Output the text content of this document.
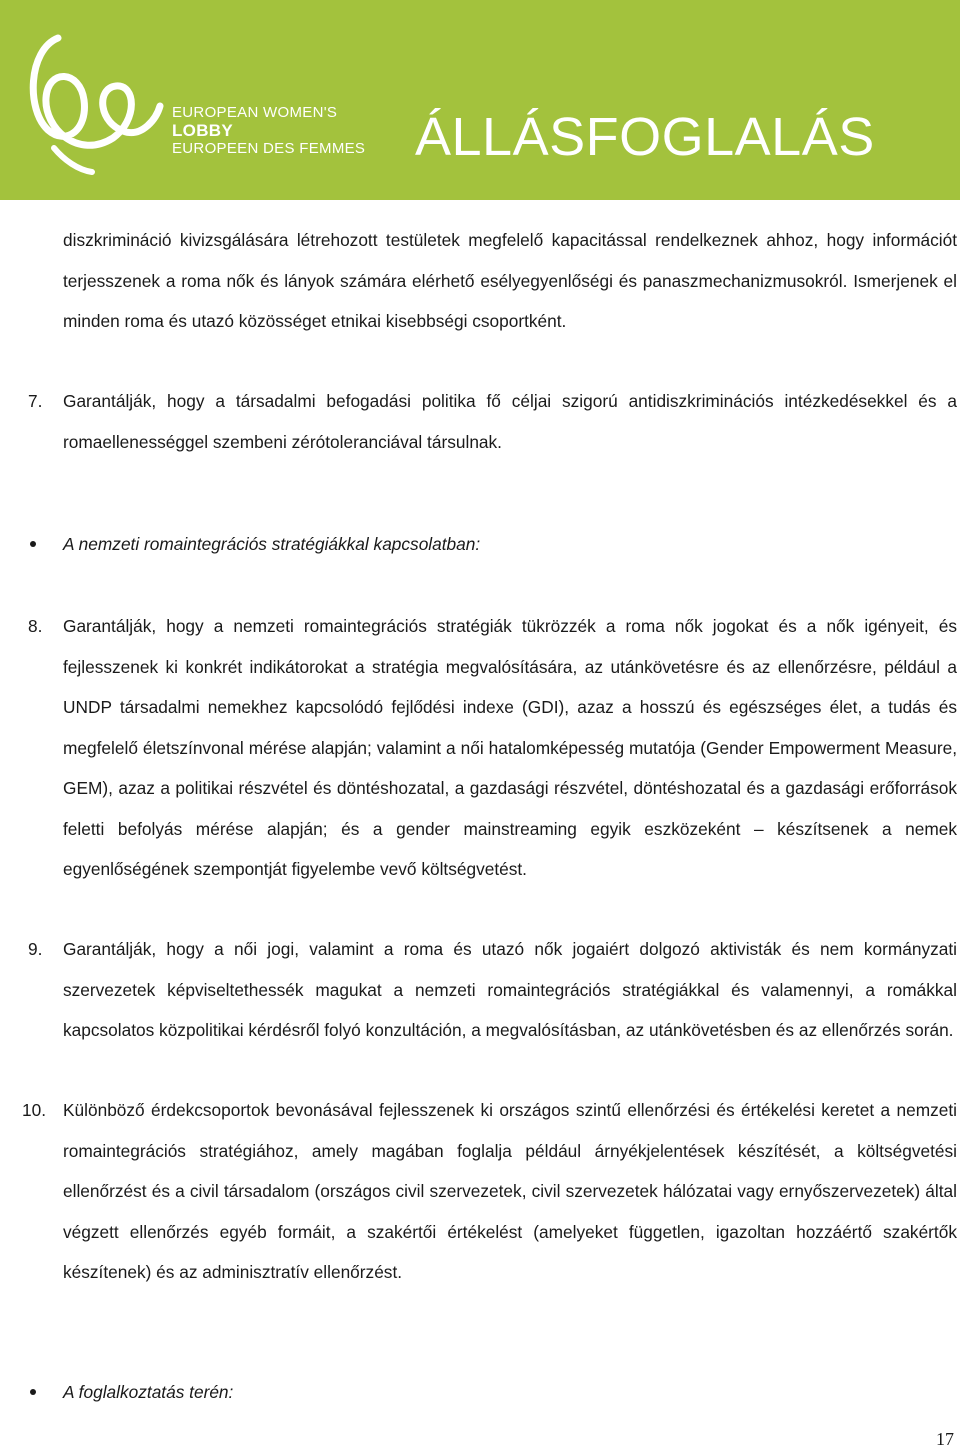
EUROPEAN WOMEN'S
LOBBY
EUROPEEN DES FEMMES ÁLLÁSFOGLALÁS

diszkrimináció kivizsgálására létrehozott testületek megfelelő kapacitással rendelkeznek ahhoz, hogy információt terjesszenek a roma nők és lányok számára elérhető esélyegyenlőségi és panaszmechanizmusokról. Ismerjenek el minden roma és utazó közösséget etnikai kisebbségi csoportként.

7. Garantálják, hogy a társadalmi befogadási politika fő céljai szigorú antidiszkriminációs intézkedésekkel és a romaellenességgel szembeni zérótoleranciával társulnak.

A nemzeti romaintegrációs stratégiákkal kapcsolatban:
8. Garantálják, hogy a nemzeti romaintegrációs stratégiák tükrözzék a roma nők jogokat és a nők igényeit, és fejlesszenek ki konkrét indikátorokat a stratégia megvalósítására, az utánkövetésre és az ellenőrzésre, például a UNDP társadalmi nemekhez kapcsolódó fejlődési indexe (GDI), azaz a hosszú és egészséges élet, a tudás és megfelelő életszínvonal mérése alapján; valamint a női hatalomképesség mutatója (Gender Empowerment Measure, GEM), azaz a politikai részvétel és döntéshozatal, a gazdasági részvétel, döntéshozatal és a gazdasági erőforrások feletti befolyás mérése alapján; és a gender mainstreaming egyik eszközeként – készítsenek a nemek egyenlőségének szempontját figyelembe vevő költségvetést.

9. Garantálják, hogy a női jogi, valamint a roma és utazó nők jogaiért dolgozó aktivisták és nem kormányzati szervezetek képviseltethessék magukat a nemzeti romaintegrációs stratégiákkal és valamennyi, a romákkal kapcsolatos közpolitikai kérdésről folyó konzultáción, a megvalósításban, az utánkövetésben és az ellenőrzés során.

10. Különböző érdekcsoportok bevonásával fejlesszenek ki országos szintű ellenőrzési és értékelési keretet a nemzeti romaintegrációs stratégiához, amely magában foglalja például árnyékjelentések készítését, a költségvetési ellenőrzést és a civil társadalom (országos civil szervezetek, civil szervezetek hálózatai vagy ernyőszervezetek) által végzett ellenőrzés egyéb formáit, a szakértői értékelést (amelyeket független, igazoltan hozzáértő szakértők készítenek) és az adminisztratív ellenőrzést.

A foglalkoztatás terén:
17
